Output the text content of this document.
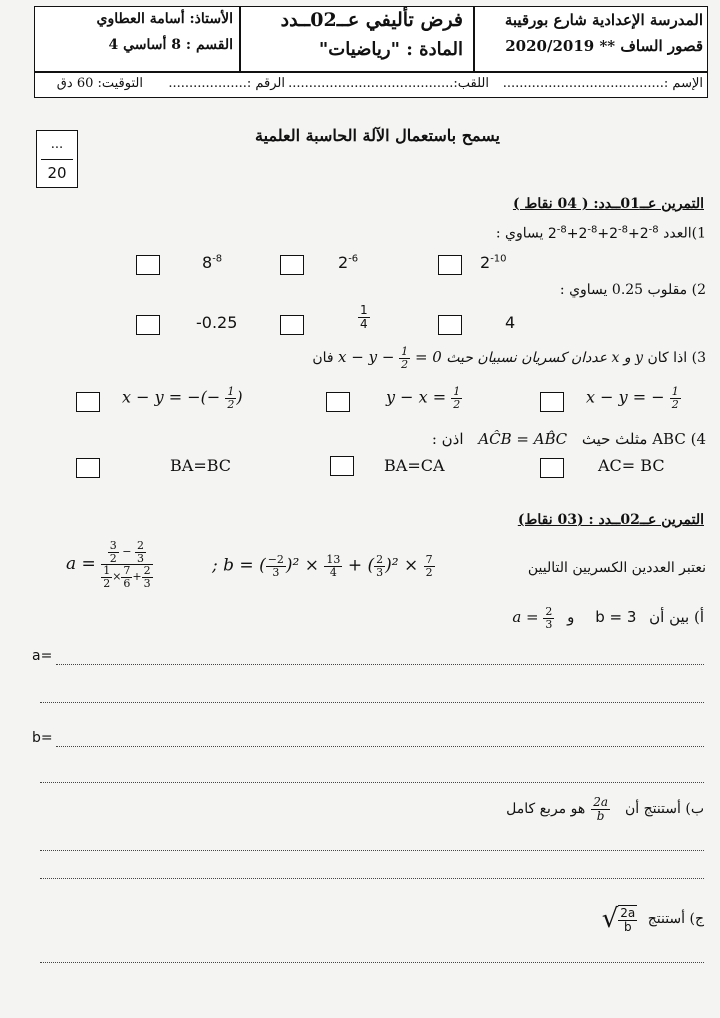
المدرسة الإعدادية شارع بورقيبة
قصور الساف ** 2020/2019
فرض تأليفي عــ02ــدد
المادة : "رياضيات"
الأستاذ: أسامة العطاوي
القسم : 8 أساسي 4
الإسم :.......................................
اللقب:........................................
الرقم :...................
التوقيت: 60 دق
...
20
يسمح باستعمال الآلة الحاسبة العلمية
التمرين عــ01ــدد: ( 04 نقاط )
1)العدد $2^{-8}+2^{-8}+2^{-8}+2^{-8}$ يساوي :
$2^{-10}$
$2^{-6}$
$8^{-8}$
2) مقلوب 0.25 يساوي :
4
$\frac{1}{4}$
-0.25
3) اذا كان y و x عددان كسريان نسبيان حيث $x - y - \frac{1}{2} = 0$ فان
x − y = − $\frac{1}{2}$
$y - x = \frac{1}{2}$
x − y = −(− $\frac{1}{2}$ )
4) ABC مثلث حيث AĈB = AB̂C اذن :
AC= BC
BA=CA
BA=BC
التمرين عــ02ــدد : (03 نقاط)
نعتبر العددين الكسريين التاليين
$a = \frac{\frac{3}{2} - \frac{2}{3}}{\frac{1}{2} \times \frac{7}{6} + \frac{2}{3}}$	; b = ( $\frac{-2}{3} )^2 \times \frac{13}{4}$ + ( $\frac{2}{3} )^2 \times \frac{7}{2}$
أ) بين أن b = 3 و $a = \frac{2}{3}$
a=
b=
ب) أستنتج أن
$\frac{2a}{b}$
هو مربع كامل
ج) أستنتج √ $\frac{2a}{b}$
